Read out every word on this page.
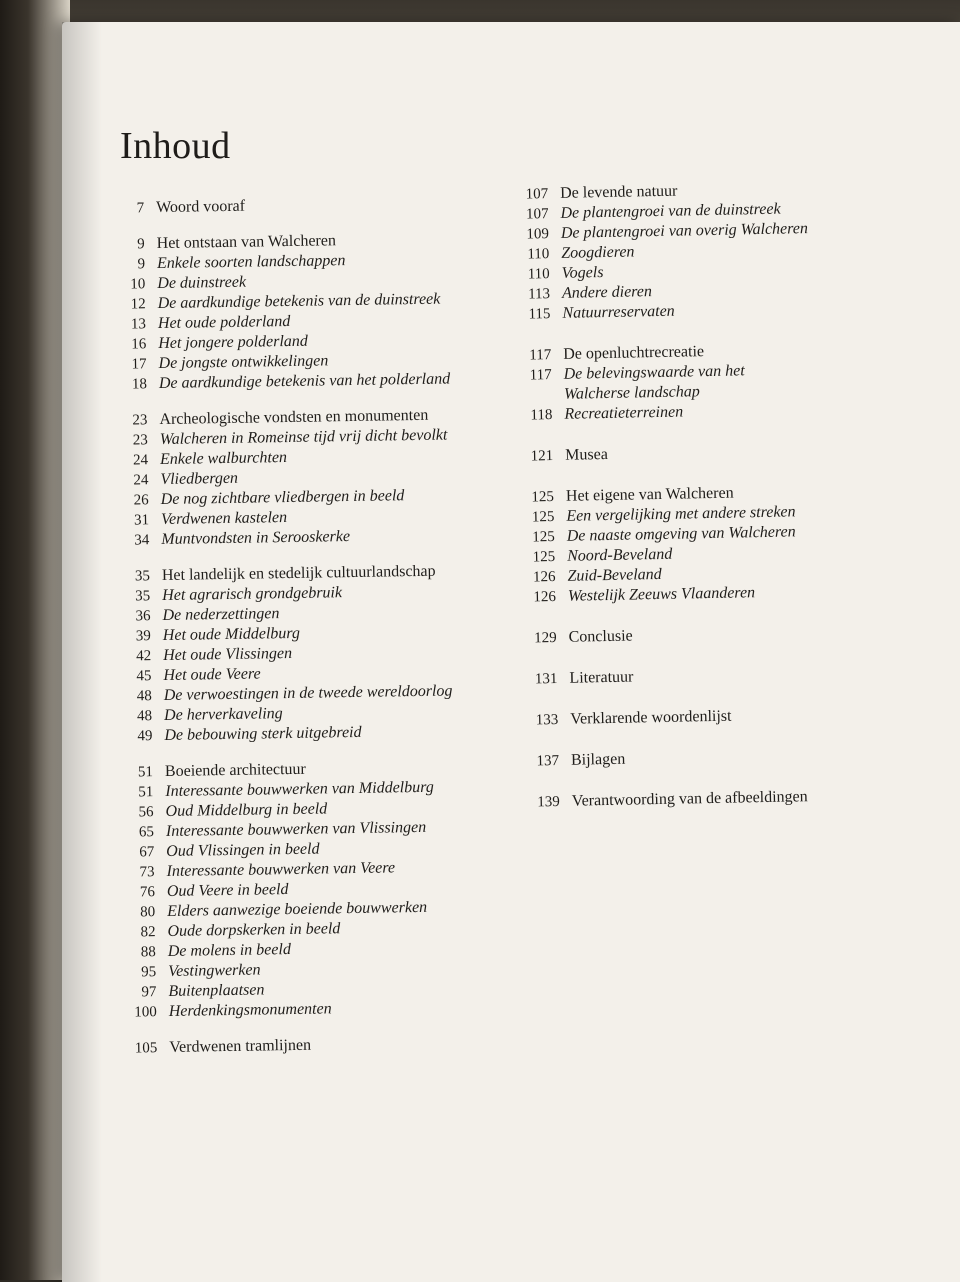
Inhoud
7 Woord vooraf
9 Het ontstaan van Walcheren
9 Enkele soorten landschappen
10 De duinstreek
12 De aardkundige betekenis van de duinstreek
13 Het oude polderland
16 Het jongere polderland
17 De jongste ontwikkelingen
18 De aardkundige betekenis van het polderland
23 Archeologische vondsten en monumenten
23 Walcheren in Romeinse tijd vrij dicht bevolkt
24 Enkele walburchten
24 Vliedbergen
26 De nog zichtbare vliedbergen in beeld
31 Verdwenen kastelen
34 Muntvondsten in Serooskerke
35 Het landelijk en stedelijk cultuurlandschap
35 Het agrarisch grondgebruik
36 De nederzettingen
39 Het oude Middelburg
42 Het oude Vlissingen
45 Het oude Veere
48 De verwoestingen in de tweede wereldoorlog
48 De herverkaveling
49 De bebouwing sterk uitgebreid
51 Boeiende architectuur
51 Interessante bouwwerken van Middelburg
56 Oud Middelburg in beeld
65 Interessante bouwwerken van Vlissingen
67 Oud Vlissingen in beeld
73 Interessante bouwwerken van Veere
76 Oud Veere in beeld
80 Elders aanwezige boeiende bouwwerken
82 Oude dorpskerken in beeld
88 De molens in beeld
95 Vestingwerken
97 Buitenplaatsen
100 Herdenkingsmonumenten
105 Verdwenen tramlijnen
107 De levende natuur
107 De plantengroei van de duinstreek
109 De plantengroei van overig Walcheren
110 Zoogdieren
110 Vogels
113 Andere dieren
115 Natuurreservaten
117 De openluchtrecreatie
117 De belevingswaarde van het
Walcherse landschap
118 Recreatieterreinen
121 Musea
125 Het eigene van Walcheren
125 Een vergelijking met andere streken
125 De naaste omgeving van Walcheren
125 Noord-Beveland
126 Zuid-Beveland
126 Westelijk Zeeuws Vlaanderen
129 Conclusie
131 Literatuur
133 Verklarende woordenlijst
137 Bijlagen
139 Verantwoording van de afbeeldingen
